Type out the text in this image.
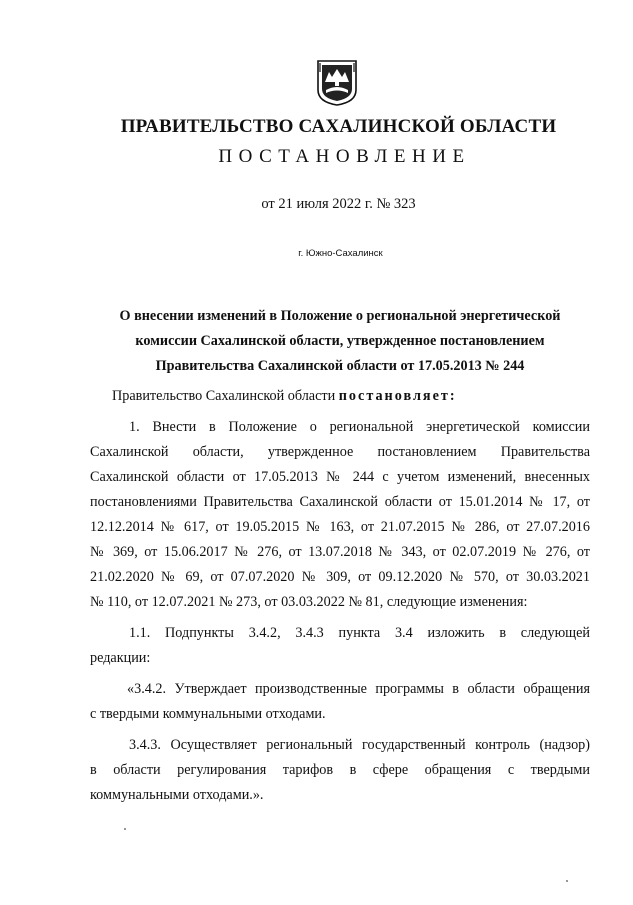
ПРАВИТЕЛЬСТВО САХАЛИНСКОЙ ОБЛАСТИ
ПОСТАНОВЛЕНИЕ
от 21 июля 2022 г. № 323
г. Южно-Сахалинск
О внесении изменений в Положение о региональной энергетической
комиссии Сахалинской области, утвержденное постановлением
Правительства Сахалинской области от 17.05.2013 № 244
Правительство Сахалинской области постановляет:
1. Внести в Положение о региональной энергетической комиссии
Сахалинской области, утвержденное постановлением Правительства
Сахалинской области от 17.05.2013 № 244 с учетом изменений, внесенных
постановлениями Правительства Сахалинской области от 15.01.2014 № 17, от
12.12.2014 № 617, от 19.05.2015 № 163, от 21.07.2015 № 286, от 27.07.2016
№ 369, от 15.06.2017 № 276, от 13.07.2018 № 343, от 02.07.2019 № 276, от
21.02.2020 № 69, от 07.07.2020 № 309, от 09.12.2020 № 570, от 30.03.2021
№ 110, от 12.07.2021 № 273, от 03.03.2022 № 81, следующие изменения:
1.1. Подпункты 3.4.2, 3.4.3 пункта 3.4 изложить в следующей
редакции:
«3.4.2. Утверждает производственные программы в области обращения
с твердыми коммунальными отходами.
3.4.3. Осуществляет региональный государственный контроль (надзор)
в области регулирования тарифов в сфере обращения с твердыми
коммунальными отходами.».
